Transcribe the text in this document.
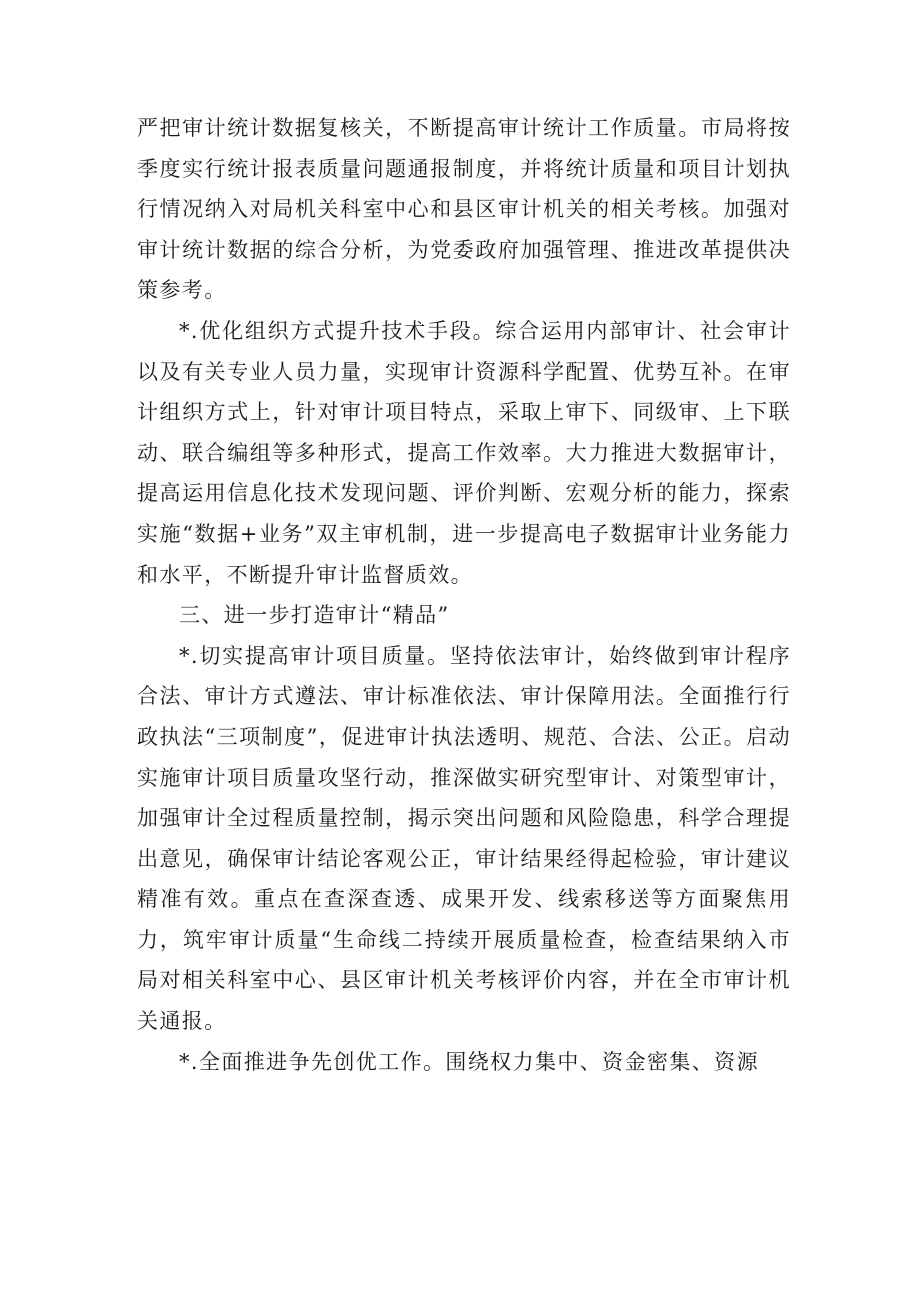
严把审计统计数据复核关，不断提高审计统计工作质量。市局将按季度实行统计报表质量问题通报制度，并将统计质量和项目计划执行情况纳入对局机关科室中心和县区审计机关的相关考核。加强对审计统计数据的综合分析，为党委政府加强管理、推进改革提供决策参考。

*.优化组织方式提升技术手段。综合运用内部审计、社会审计以及有关专业人员力量，实现审计资源科学配置、优势互补。在审计组织方式上，针对审计项目特点，采取上审下、同级审、上下联动、联合编组等多种形式，提高工作效率。大力推进大数据审计，提高运用信息化技术发现问题、评价判断、宏观分析的能力，探索实施“数据+业务”双主审机制，进一步提高电子数据审计业务能力和水平，不断提升审计监督质效。

三、进一步打造审计“精品”

*.切实提高审计项目质量。坚持依法审计，始终做到审计程序合法、审计方式遵法、审计标准依法、审计保障用法。全面推行行政执法“三项制度”，促进审计执法透明、规范、合法、公正。启动实施审计项目质量攻坚行动，推深做实研究型审计、对策型审计，加强审计全过程质量控制，揭示突出问题和风险隐患，科学合理提出意见，确保审计结论客观公正，审计结果经得起检验，审计建议精准有效。重点在查深查透、成果开发、线索移送等方面聚焦用力，筑牢审计质量“生命线二持续开展质量检查，检查结果纳入市局对相关科室中心、县区审计机关考核评价内容，并在全市审计机关通报。

*.全面推进争先创优工作。围绕权力集中、资金密集、资源
